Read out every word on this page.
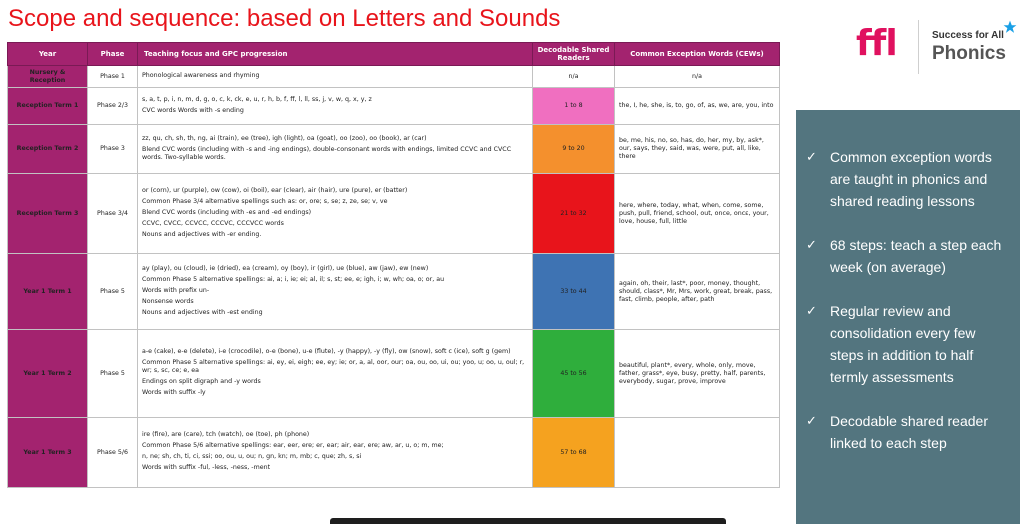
Scope and sequence: based on Letters and Sounds
Year	Phase	Teaching focus and GPC progression	Decodable Shared Readers	Common Exception Words (CEWs)
Nursery & Reception	Phase 1	Phonological awareness and rhyming	n/a	n/a
Reception Term 1	Phase 2/3	s, a, t, p, i, n, m, d, g, o, c, k, ck, e, u, r, h, b, f, ff, l, ll, ss, j, v, w, q, x, y, z

CVC words Words with -s ending	1 to 8	the, I, he, she, is, to, go, of, as, we, are, you, into
Reception Term 2	Phase 3	zz, qu, ch, sh, th, ng, ai (train), ee (tree), igh (light), oa (goat), oo (zoo), oo (book), ar (car)

Blend CVC words (including with -s and -ing endings), double-consonant words with endings, limited CCVC and CVCC words. Two-syllable words.	9 to 20	be, me, his, no, so, has, do, her, my, by, ask*, our, says, they, said, was, were, put, all, like, there
Reception Term 3	Phase 3/4	or (corn), ur (purple), ow (cow), oi (boil), ear (clear), air (hair), ure (pure), er (batter)

Common Phase 3/4 alternative spellings such as: or, ore; s, se; z, ze, se; v, ve

Blend CVC words (including with -es and -ed endings)

CCVC, CVCC, CCVCC, CCCVC, CCCVCC words

Nouns and adjectives with -er ending.	21 to 32	here, where, today, what, when, come, some, push, pull, friend, school, out, once, oncε, your, love, house, full, little
Year 1 Term 1	Phase 5	ay (play), ou (cloud), ie (dried), ea (cream), oy (boy), ir (girl), ue (blue), aw (jaw), ew (new)

Common Phase 5 alternative spellings: ai, a; i, ie; ei; al, il; s, st; ee, e; igh, i; w, wh; oa, o; or, au

Words with prefix un-

Nonsense words

Nouns and adjectives with -est ending	33 to 44	again, oh, their, last*, poor, money, thought, should, class*, Mr, Mrs, work, great, break, pass, fast, climb, people, after, path
Year 1 Term 2	Phase 5	a-e (cake), e-e (delete), i-e (crocodile), o-e (bone), u-e (flute), -y (happy), -y (fly), ow (snow), soft c (ice), soft g (gem)

Common Phase 5 alternative spellings: ai, ey, ei, eigh; ee, ey; ie; or, a, al, oor, our; oa, ou, oo, ui, ou; yoo, u; oo, u, oul; r, wr; s, sc, ce; e, ea

Endings on split digraph and -y words

Words with suffix -ly	45 to 56	beautiful, plant*, every, whole, only, move, father, grass*, eye, busy, pretty, half, parents, everybody, sugar, prove, improve
Year 1 Term 3	Phase 5/6	ire (fire), are (care), tch (watch), oe (toe), ph (phone)

Common Phase 5/6 alternative spellings: ear, eer, ere; er, ear; air, ear, ere; aw, ar, u, o; m, me;

n, ne; sh, ch, ti, ci, ssi; oo, ou, u, ou; n, gn, kn; m, mb; c, que; zh, s, si

Words with suffix -ful, -less, -ness, -ment	57 to 68	
ffl	Success for All
Phonics
✓ Common exception words are taught in phonics and shared reading lessons
✓ 68 steps: teach a step each week (on average)
✓ Regular review and consolidation every few steps in addition to half termly assessments
✓ Decodable shared reader linked to each step
